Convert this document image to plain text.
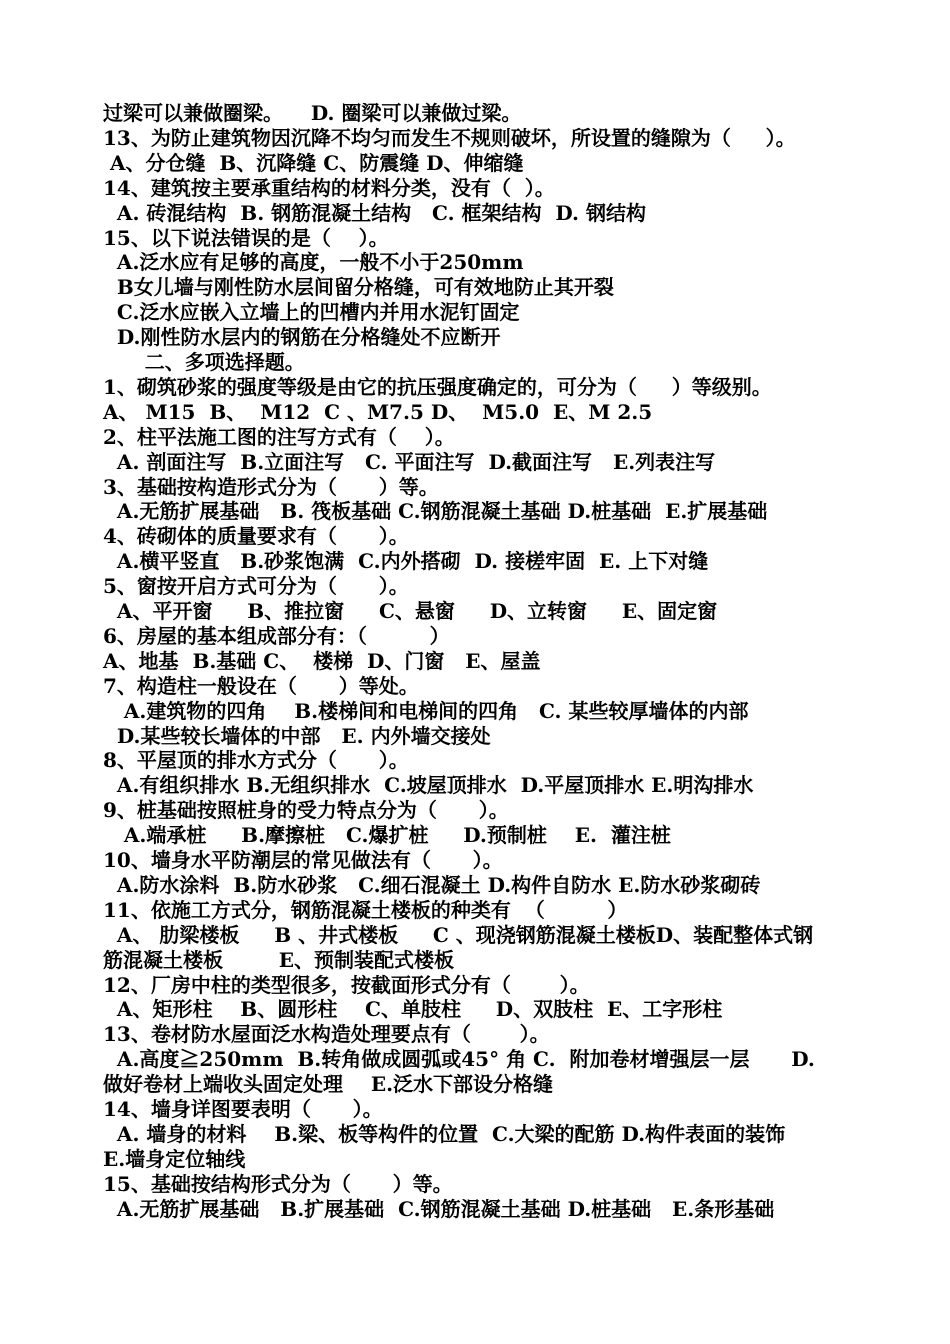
过梁可以兼做圈梁。    D. 圈梁可以兼做过梁。
13、为防止建筑物因沉降不均匀而发生不规则破坏，所设置的缝隙为（     ）。
A、分仓缝  B、沉降缝 C、防震缝 D、伸缩缝
14、建筑按主要承重结构的材料分类，没有（  ）。
A. 砖混结构  B. 钢筋混凝土结构   C. 框架结构  D. 钢结构
15、以下说法错误的是（    ）。
A.泛水应有足够的高度，一般不小于250mm
B女儿墙与刚性防水层间留分格缝，可有效地防止其开裂
C.泛水应嵌入立墙上的凹槽内并用水泥钉固定
D.刚性防水层内的钢筋在分格缝处不应断开
二、多项选择题。
1、砌筑砂浆的强度等级是由它的抗压强度确定的，可分为（     ）等级别。
A、 M15  B、  M12  C 、M7.5 D、  M5.0  E、M 2.5
2、柱平法施工图的注写方式有（    ）。
A. 剖面注写  B.立面注写   C. 平面注写  D.截面注写   E.列表注写
3、基础按构造形式分为（      ）等。
A.无筋扩展基础   B. 筏板基础 C.钢筋混凝土基础 D.桩基础  E.扩展基础
4、砖砌体的质量要求有（      ）。
A.横平竖直   B.砂浆饱满  C.内外搭砌  D. 接槎牢固  E. 上下对缝
5、窗按开启方式可分为（      ）。
A、平开窗     B、推拉窗     C、悬窗     D、立转窗     E、固定窗
6、房屋的基本组成部分有：（         ）
A、地基  B.基础 C、  楼梯  D、门窗   E、屋盖
7、构造柱一般设在（      ）等处。
A.建筑物的四角    B.楼梯间和电梯间的四角   C. 某些较厚墙体的内部
D.某些较长墙体的中部   E. 内外墙交接处
8、平屋顶的排水方式分（      ）。
A.有组织排水 B.无组织排水  C.坡屋顶排水  D.平屋顶排水 E.明沟排水
9、桩基础按照桩身的受力特点分为（      ）。
A.端承桩     B.摩擦桩   C.爆扩桩     D.预制桩    E.  灌注桩
10、墙身水平防潮层的常见做法有（      ）。
A.防水涂料  B.防水砂浆   C.细石混凝土 D.构件自防水 E.防水砂浆砌砖
11、依施工方式分，钢筋混凝土楼板的种类有  （         ）
A、 肋梁楼板     B 、井式楼板     C 、现浇钢筋混凝土楼板D、装配整体式钢
筋混凝土楼板        E、预制装配式楼板
12、厂房中柱的类型很多，按截面形式分有（       ）。
A、矩形柱    B、圆形柱    C、单肢柱     D、双肢柱  E、工字形柱
13、卷材防水屋面泛水构造处理要点有（       ）。
A.高度≧250mm  B.转角做成圆弧或45° 角 C.  附加卷材增强层一层      D.
做好卷材上端收头固定处理    E.泛水下部设分格缝
14、墙身详图要表明（      ）。
A. 墙身的材料    B.梁、板等构件的位置  C.大梁的配筋 D.构件表面的装饰
E.墙身定位轴线
15、基础按结构形式分为（      ）等。
A.无筋扩展基础   B.扩展基础  C.钢筋混凝土基础 D.桩基础   E.条形基础
